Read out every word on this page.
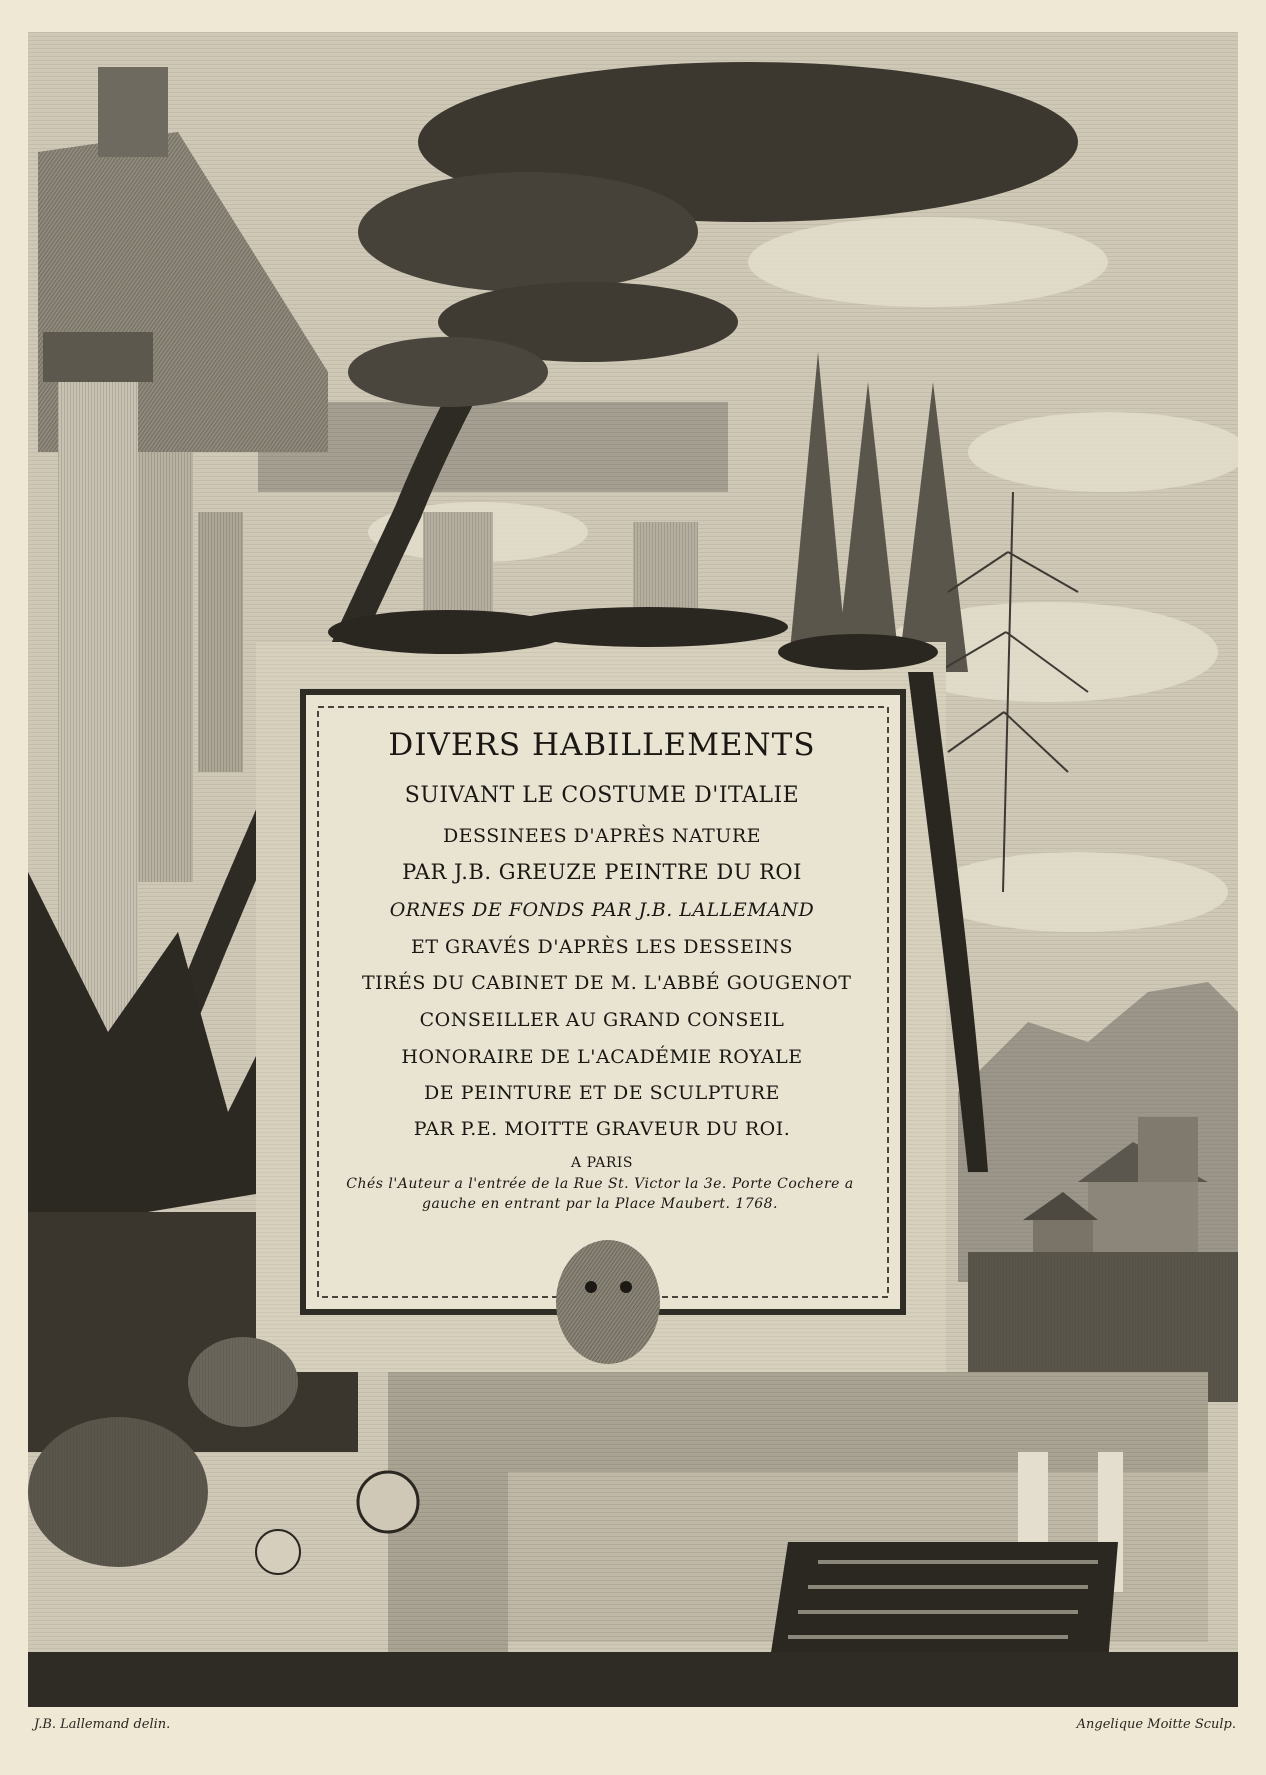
DIVERS HABILLEMENTS
SUIVANT LE COSTUME D'ITALIE
DESSINEES D'APRÈS NATURE
PAR J.B. GREUZE PEINTRE DU ROI
ORNES DE FONDS PAR J.B. LALLEMAND
ET GRAVÉS D'APRÈS LES DESSEINS
TIRÉS DU CABINET DE M. L'ABBÉ GOUGENOT
CONSEILLER AU GRAND CONSEIL
HONORAIRE DE L'ACADÉMIE ROYALE
DE PEINTURE ET DE SCULPTURE
PAR P.E. MOITTE GRAVEUR DU ROI.
A PARIS
Chés l'Auteur a l'entrée de la Rue St. Victor la 3e. Porte Cochere a
gauche en entrant par la Place Maubert. 1768.
J.B. Lallemand delin.	Angelique Moitte Sculp.
